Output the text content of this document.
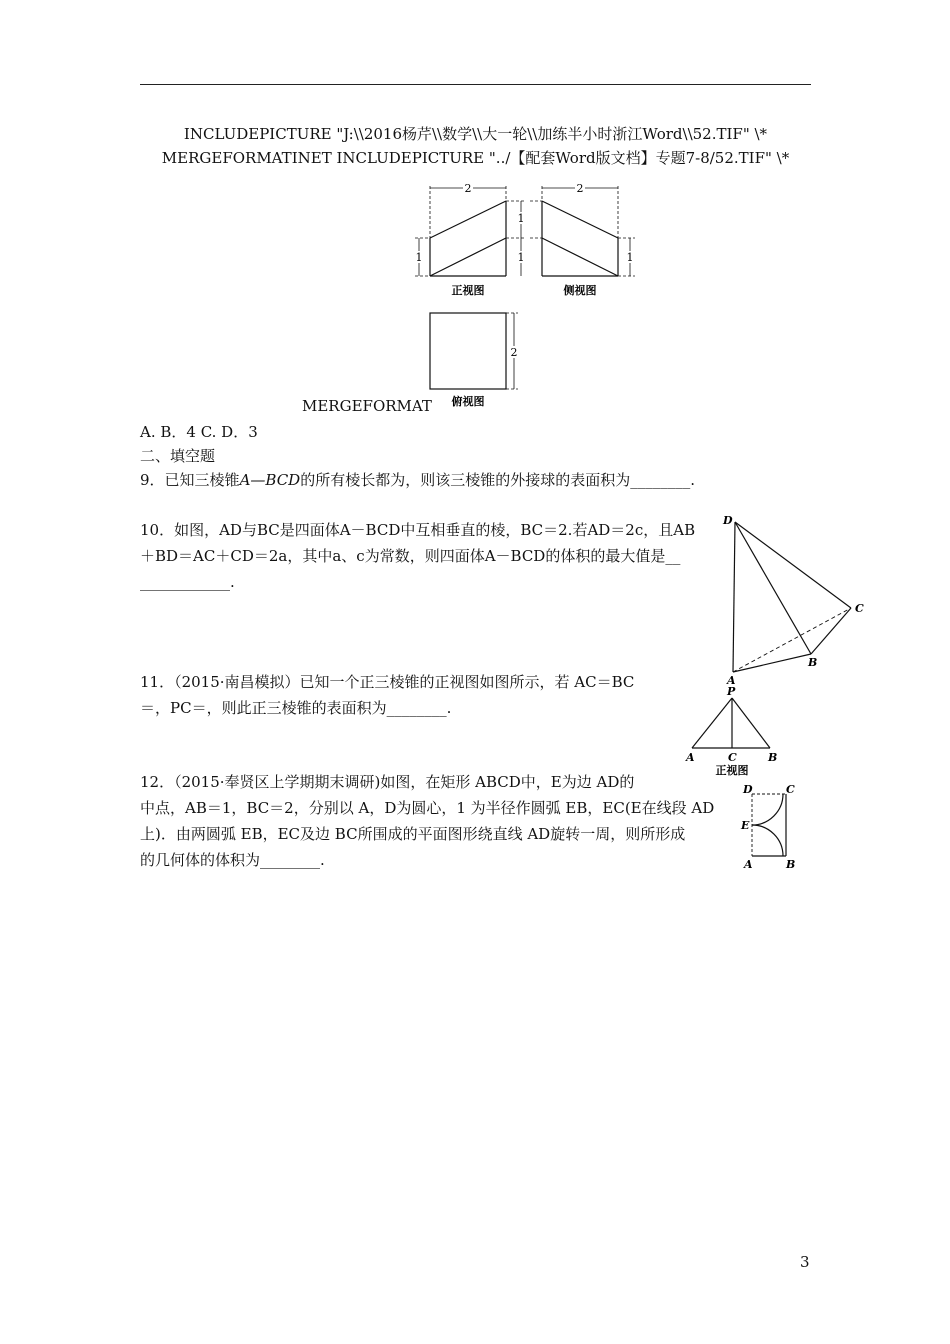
INCLUDEPICTURE "J:\\2016杨芹\\数学\\大一轮\\加练半小时浙江Word\\52.TIF" \*
MERGEFORMATINET INCLUDEPICTURE "../【配套Word版文档】专题7-8/52.TIF" \*
2
1
1
1
正视图
2
1
侧视图
2
俯视图
MERGEFORMAT
A. B．4 C. D．3
二、填空题
9．已知三棱锥A—BCD的所有棱长都为，则该三棱锥的外接球的表面积为________.
10．如图，AD与BC是四面体A－BCD中互相垂直的棱，BC＝2.若AD＝2c，且AB
＋BD＝AC＋CD＝2a，其中a、c为常数，则四面体A－BCD的体积的最大值是__
____________.
D
C
B
A
11．（2015·南昌模拟）已知一个正三棱锥的正视图如图所示，若 AC＝BC
＝，PC＝，则此正三棱锥的表面积为________.
P
A	C	B
正视图
12．（2015·奉贤区上学期期末调研)如图，在矩形 ABCD中，E为边 AD的
中点，AB＝1，BC＝2，分别以 A，D为圆心，1 为半径作圆弧 EB，EC(E在线段 AD
上)．由两圆弧 EB，EC及边 BC所围成的平面图形绕直线 AD旋转一周，则所形成
的几何体的体积为________.
D	C
E
A	B
3
